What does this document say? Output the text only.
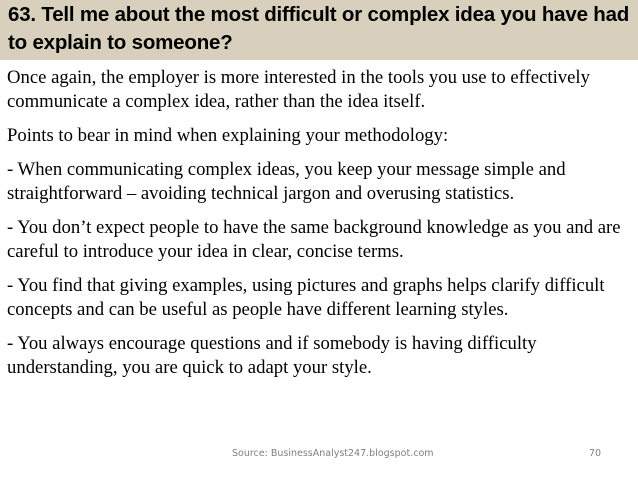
63. Tell me about the most difficult or complex idea you have had to explain to someone?

Once again, the employer is more interested in the tools you use to effectively communicate a complex idea, rather than the idea itself.

Points to bear in mind when explaining your methodology:

- When communicating complex ideas, you keep your message simple and straightforward – avoiding technical jargon and overusing statistics.

- You don’t expect people to have the same background knowledge as you and are careful to introduce your idea in clear, concise terms.

- You find that giving examples, using pictures and graphs helps clarify difficult concepts and can be useful as people have different learning styles.

- You always encourage questions and if somebody is having difficulty understanding, you are quick to adapt your style.

Source: BusinessAnalyst247.blogspot.com	70
